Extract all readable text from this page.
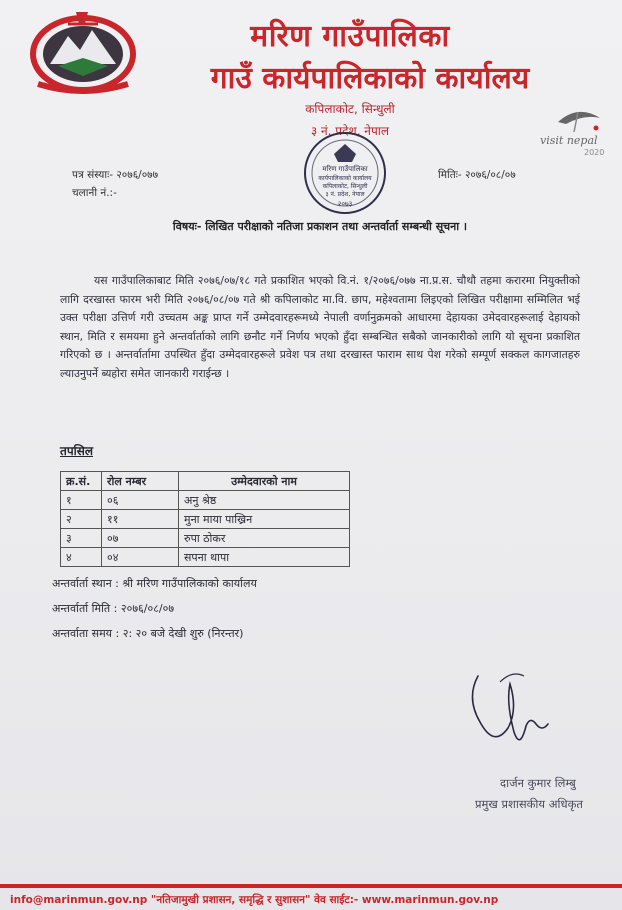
मरिण गाउँपालिका
गाउँ कार्यपालिकाको कार्यालय
कपिलाकोट, सिन्धुली
३ नं. प्रदेश, नेपाल
visit nepal
2020
मरिण गाउँपालिका
कार्यपालिकाको कार्यालय
कपिलाकोट, सिन्धुली
३ नं. प्रदेश, नेपाल
२०७३
पत्र संस्याः- २०७६/०७७
चलानी नं.:-
मितिः- २०७६/०८/०७
विषयः- लिखित परीक्षाको नतिजा प्रकाशन तथा अन्तर्वार्ता सम्बन्धी सूचना ।
यस गाउँपालिकाबाट मिति २०७६/०७/१८ गते प्रकाशित भएको वि.नं. १/२०७६/०७७ ना.प्र.स. चौथौ तहमा करारमा नियुक्तीको लागि दरखास्त फारम भरी मिति २०७६/०८/०७ गते श्री कपिलाकोट मा.वि. छाप, महेश्वतामा लिइएको लिखित परीक्षामा सम्मिलित भई उक्त परीक्षा उत्तिर्ण गरी उच्चतम अङ्क प्राप्त गर्ने उम्मेदवारहरूमध्ये नेपाली वर्णानुक्रमको आधारमा देहायका उमेदवारहरूलाई देहायको स्थान, मिति र समयमा हुने अन्तर्वार्ताको लागि छनौट गर्ने निर्णय भएको हुँदा सम्बन्धित सबैको जानकारीको लागि यो सूचना प्रकाशित गरिएको छ । अन्तर्वार्तामा उपस्थित हुँदा उम्मेदवारहरूले प्रवेश पत्र तथा दरखास्त फाराम साथ पेश गरेको सम्पूर्ण सक्कल कागजातहरु ल्याउनुपर्ने ब्यहोरा समेत जानकारी गराईन्छ ।
तपसिल
क्र.सं.	रोल नम्बर	उम्मेदवारको नाम
१	०६	अनु श्रेष्ठ
२	११	मुना माया पाख्रिन
३	०७	रुपा ठोकर
४	०४	सपना थापा
अन्तर्वार्ता स्थान : श्री मरिण गाउँपालिकाको कार्यालय
अन्तर्वार्ता मिति : २०७६/०८/०७
अन्तर्वाता समय : २: २० बजे देखी शुरु (निरन्तर)
दार्जन कुमार लिम्बु
प्रमुख प्रशासकीय अधिकृत
info@marinmun.gov.np "नतिजामुखी प्रशासन, समृद्धि र सुशासन" वेव साईट:- www.marinmun.gov.np
